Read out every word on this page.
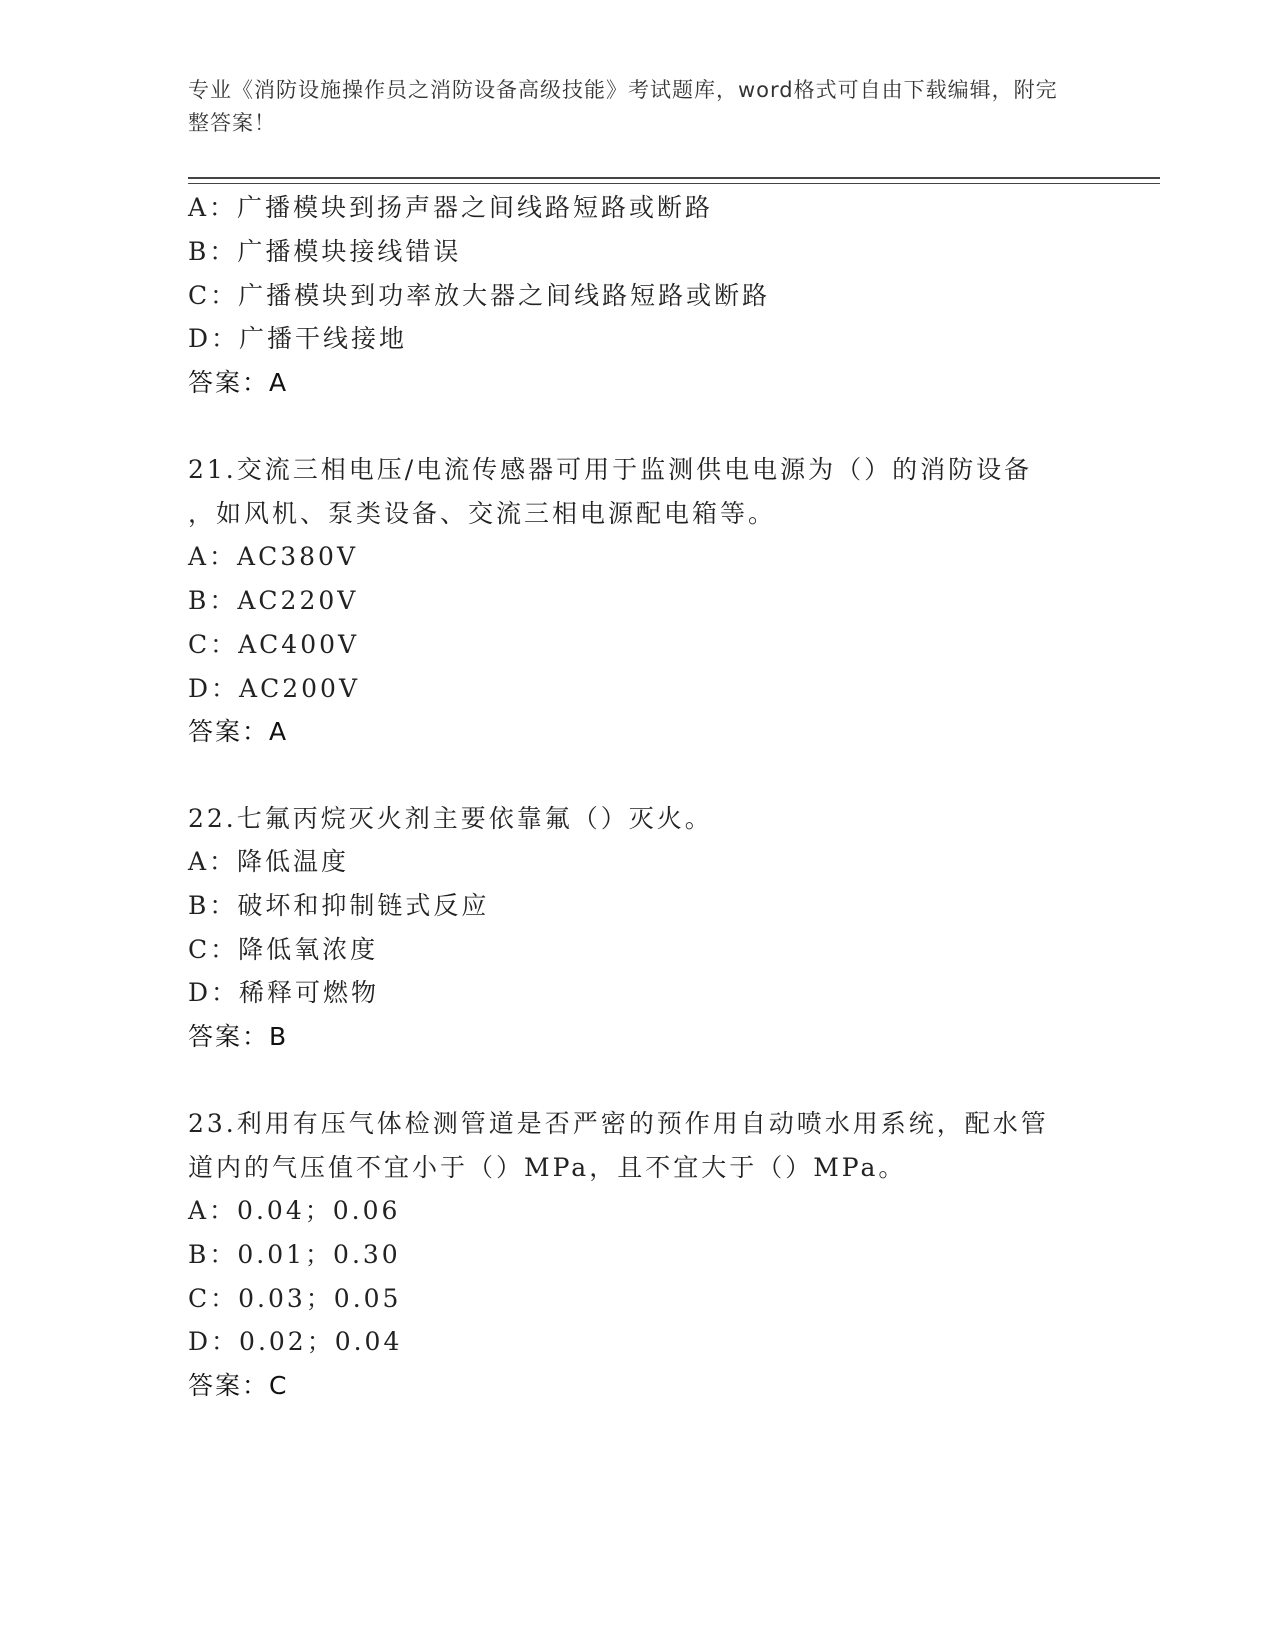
专业《消防设施操作员之消防设备高级技能》考试题库，word格式可自由下载编辑，附完整答案！
A：广播模块到扬声器之间线路短路或断路
B：广播模块接线错误
C：广播模块到功率放大器之间线路短路或断路
D：广播干线接地
答案：A
21.交流三相电压/电流传感器可用于监测供电电源为（）的消防设备
，如风机、泵类设备、交流三相电源配电箱等。
A：AC380V
B：AC220V
C：AC400V
D：AC200V
答案：A
22.七氟丙烷灭火剂主要依靠氟（）灭火。
A：降低温度
B：破坏和抑制链式反应
C：降低氧浓度
D：稀释可燃物
答案：B
23.利用有压气体检测管道是否严密的预作用自动喷水用系统，配水管
道内的气压值不宜小于（）MPa，且不宜大于（）MPa。
A：0.04；0.06
B：0.01；0.30
C：0.03；0.05
D：0.02；0.04
答案：C
